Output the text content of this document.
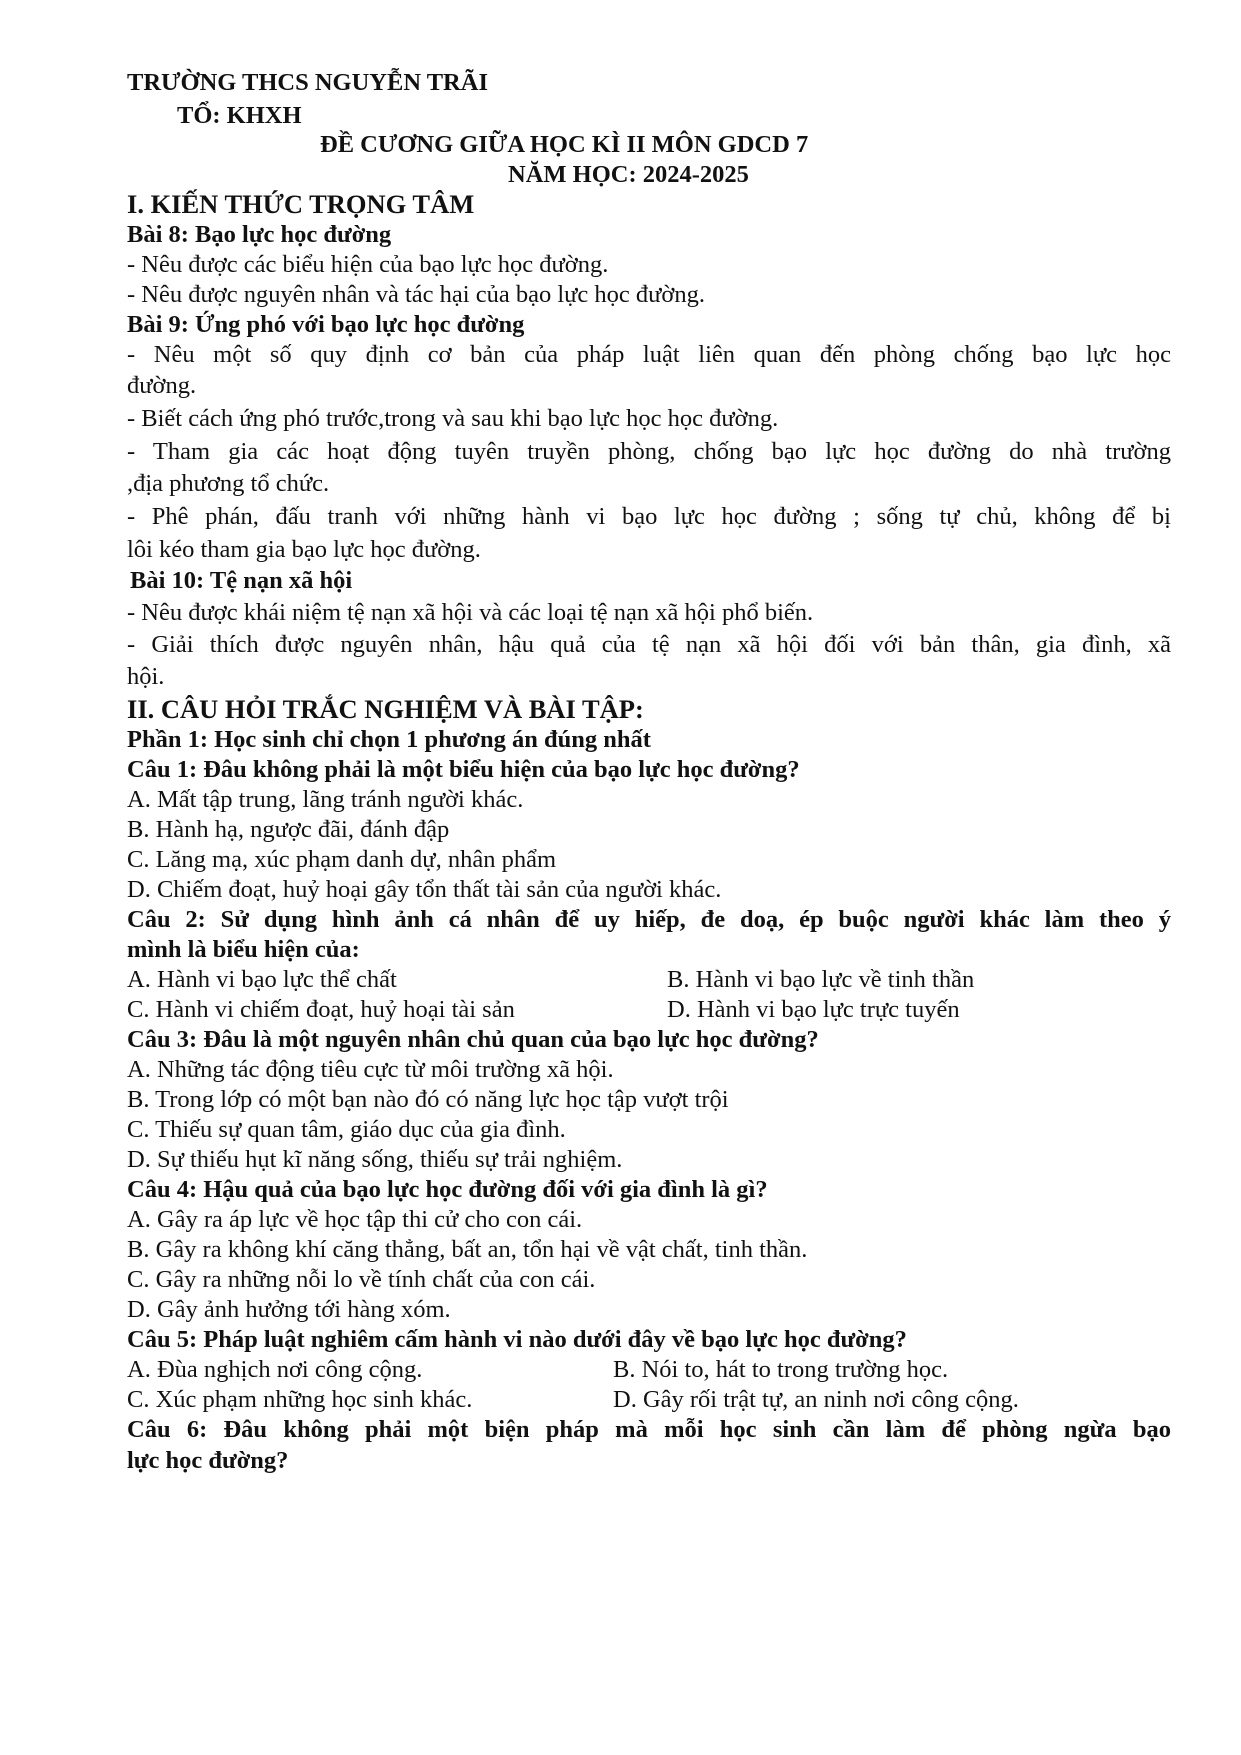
TRƯỜNG THCS NGUYỄN TRÃI
TỔ: KHXH
ĐỀ CƯƠNG GIỮA HỌC KÌ II MÔN GDCD 7
NĂM HỌC: 2024-2025
I. KIẾN THỨC TRỌNG TÂM
Bài 8: Bạo lực học đường
- Nêu được các biểu hiện của bạo lực học đường.
- Nêu được nguyên nhân và tác hại của bạo lực học đường.
Bài 9: Ứng phó với bạo lực học đường
- Nêu một số quy định cơ bản của pháp luật liên quan đến phòng chống bạo lực học
đường.
- Biết cách ứng phó trước,trong và sau khi bạo lực học học đường.
- Tham gia các hoạt động tuyên truyền phòng, chống bạo lực học đường do nhà trường
,địa phương tổ chức.
- Phê phán, đấu tranh với những hành vi bạo lực học đường ; sống tự chủ, không để bị
lôi kéo tham gia bạo lực học đường.
Bài 10: Tệ nạn xã hội
- Nêu được khái niệm tệ nạn xã hội và các loại tệ nạn xã hội phổ biến.
- Giải thích được nguyên nhân, hậu quả của tệ nạn xã hội đối với bản thân, gia đình, xã
hội.
II. CÂU HỎI TRẮC NGHIỆM VÀ BÀI TẬP:
Phần 1: Học sinh chỉ chọn 1 phương án đúng nhất
Câu 1: Đâu không phải là một biểu hiện của bạo lực học đường?
A. Mất tập trung, lãng tránh người khác.
B. Hành hạ, ngược đãi, đánh đập
C. Lăng mạ, xúc phạm danh dự, nhân phẩm
D. Chiếm đoạt, huỷ hoại gây tổn thất tài sản của người khác.
Câu 2: Sử dụng hình ảnh cá nhân để uy hiếp, đe doạ, ép buộc người khác làm theo ý
mình là biểu hiện của:
A. Hành vi bạo lực thể chất	B. Hành vi bạo lực về tinh thần
C. Hành vi chiếm đoạt, huỷ hoại tài sản	D. Hành vi bạo lực trực tuyến
Câu 3: Đâu là một nguyên nhân chủ quan của bạo lực học đường?
A. Những tác động tiêu cực từ môi trường xã hội.
B. Trong lớp có một bạn nào đó có năng lực học tập vượt trội
C. Thiếu sự quan tâm, giáo dục của gia đình.
D. Sự thiếu hụt kĩ năng sống, thiếu sự trải nghiệm.
Câu 4: Hậu quả của bạo lực học đường đối với gia đình là gì?
A. Gây ra áp lực về học tập thi cử cho con cái.
B. Gây ra không khí căng thẳng, bất an, tổn hại về vật chất, tinh thần.
C. Gây ra những nỗi lo về tính chất của con cái.
D. Gây ảnh hưởng tới hàng xóm.
Câu 5: Pháp luật nghiêm cấm hành vi nào dưới đây về bạo lực học đường?
A. Đùa nghịch nơi công cộng.	B. Nói to, hát to trong trường học.
C. Xúc phạm những học sinh khác.	D. Gây rối trật tự, an ninh nơi công cộng.
Câu 6: Đâu không phải một biện pháp mà mỗi học sinh cần làm để phòng ngừa bạo
lực học đường?
